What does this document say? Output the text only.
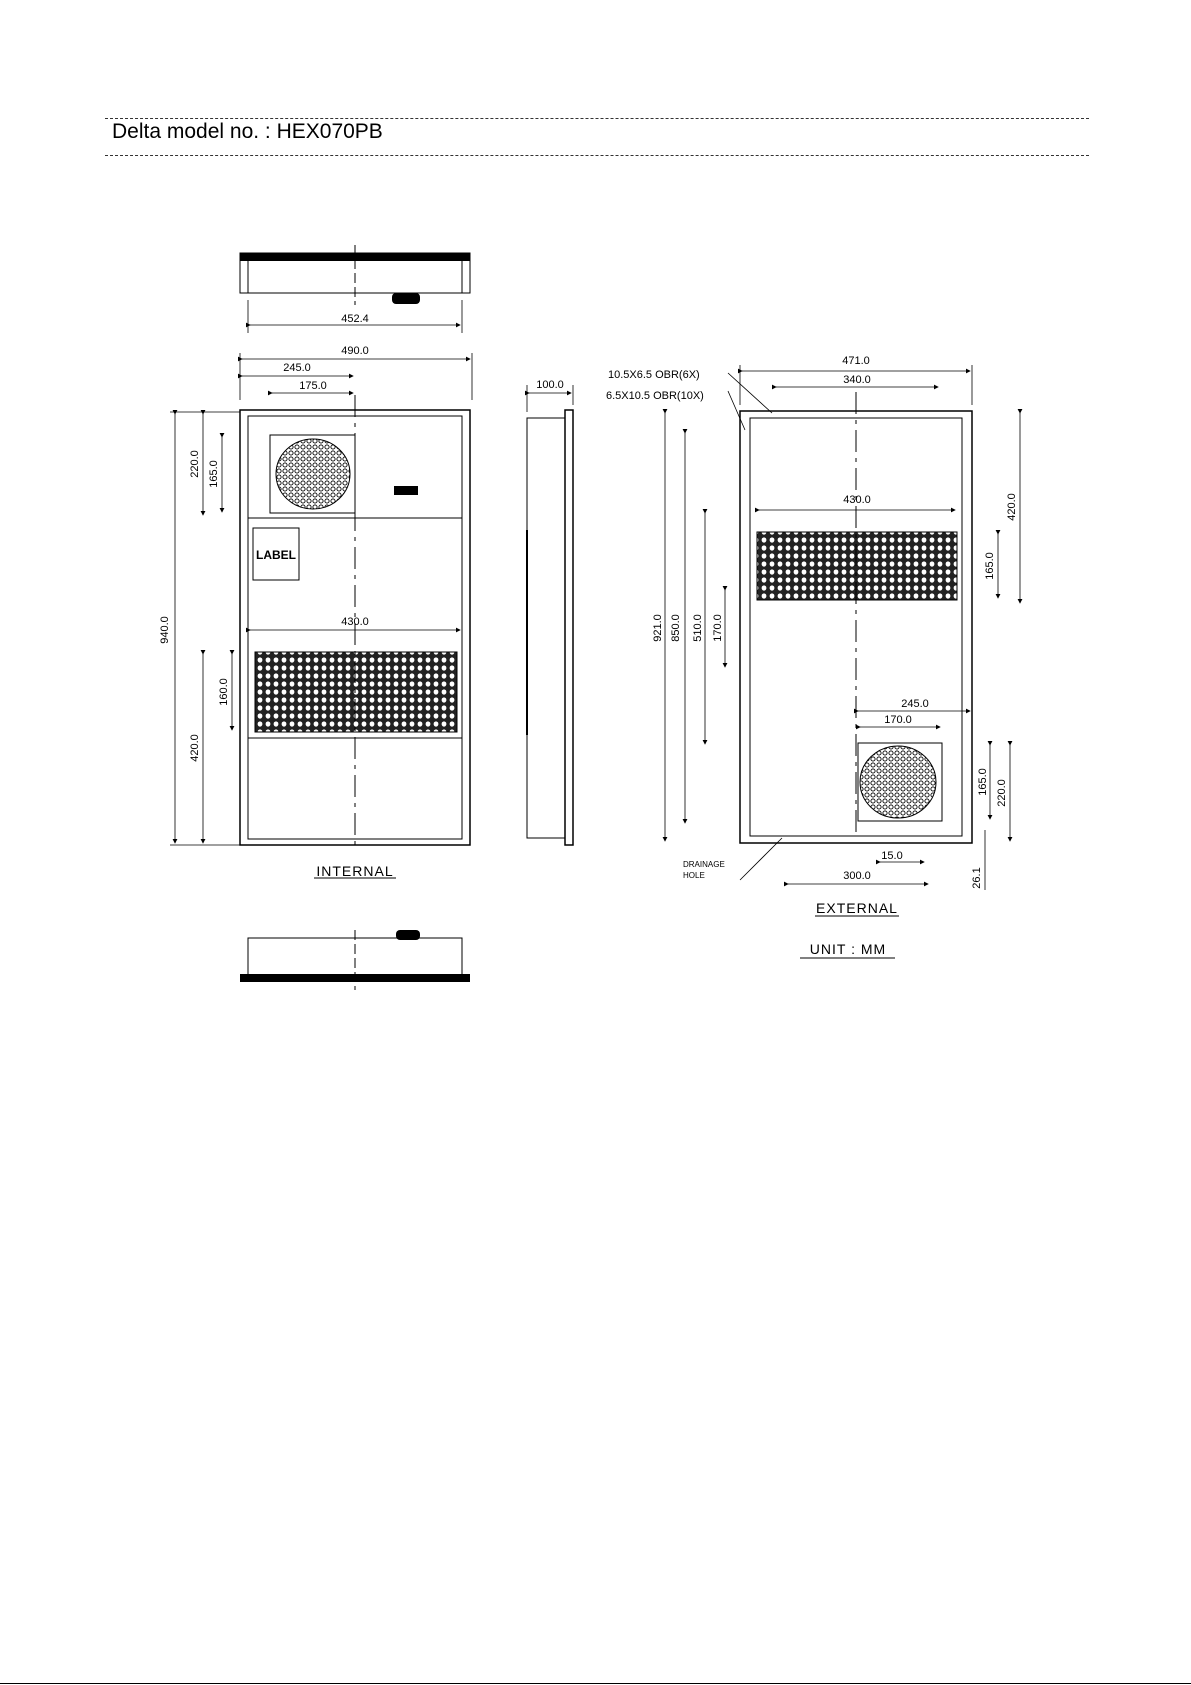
Delta model no. : HEX070PB
452.4
490.0
245.0
175.0
940.0
220.0 165.0
430.0
160.0
420.0
LABEL
INTERNAL
100.0
471.0
340.0
10.5X6.5 OBR(6X)
6.5X10.5 OBR(10X)
430.0	420.0
165.0
921.0 850.0 510.0 170.0
245.0
170.0
165.0 220.0
300.0
15.0
26.1
DRAINAGE
HOLE
EXTERNAL
UNIT : MM
